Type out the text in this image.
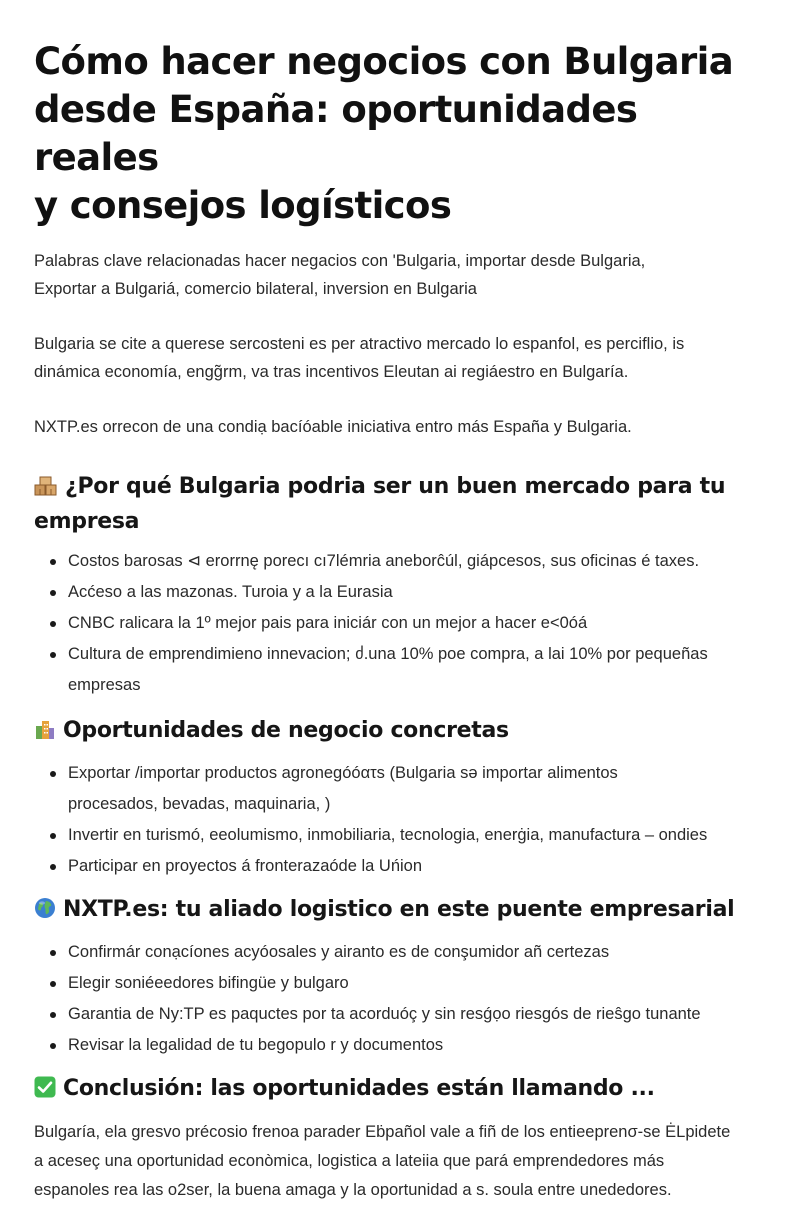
Cómo hacer negocios con Bulgaria
desde España: oportunidades reales
y consejos logísticos

Palabras clave relacionadas hacer negacios con 'Bulgaria, importar desde Bulgaria,
Exportar a Bulgariá, comercio bilateral, inversion en Bulgaria

Bulgaria se cite a querese sercosteni es per atractivo mercado lo espanfol, es perciflio, is
dinámica economía, engg̃rm, va tras incentivos Eleutan ai regiáestro en Bulgaría.

NXTP.es orrecon de una condiạ bacíóable iniciativa entro más España y Bulgaria.

¿Por qué Bulgaria podria ser un buen mercado para tu
empresa
Costos barosas ⊲ erorrnę porecı cı7lémria aneborĉúl, giápcesos, sus oficinas é taxes.
Acćeso a las mazonas. Turoia y a la Eurasia
CNBC ralicara la 1º mejor pais para iniciár con un mejor a hacer e<0óá
Cultura de emprendimieno innevacion; ძ.una 10% poe compra, a lai 10% por pequeñas
empresas
Oportunidades de negocio concretas
Exportar /importar productos agronegóóατs (Bulgaria sə importar alimentos
procesados, bevadas, maquinaria, )
Invertir en turismó, eeolumismo, inmobiliaria, tecnologia, enerġia, manufactura – ondies
Participar en proyectos á fronterazaóde la Uńion
NXTP.es: tu aliado logistico en este puente empresarial
Confirmár conạcíones acyóosales y airanto es de conşumidor añ certezas
Elegir soniéeedores bifingüe y bulgaro
Garantia de Ny:TP es paquctes por ta acorduóç y sin resǵọo riesgós de rieŝgo tunante
Revisar la legalidad de tu begopulo r y documentos
Conclusión: las oportunidades están llamando ...

Bulgaría, ela gresvo précosio frenoa parader Eḃpañol vale a fiñ de los entieeprenσ-se ĖLpidete
a aceseç una oportunidad econòmica, logistica a lateiia que pará emprendedores más
espanoles rea las o2ser, la buena amaga y la oportunidad a s. soula entre unededores.
